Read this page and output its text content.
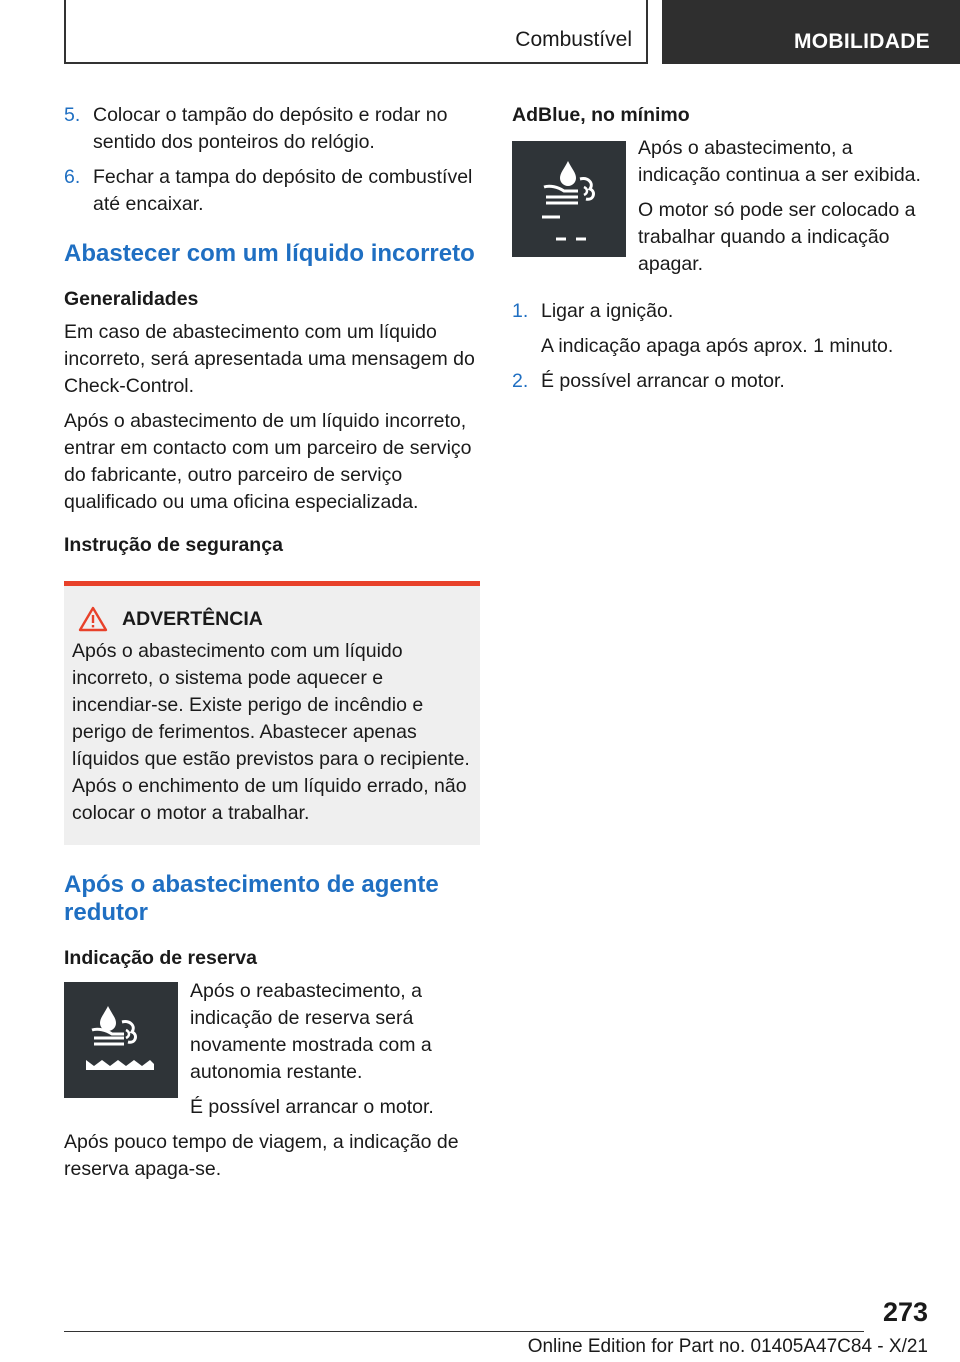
Combustível	MOBILIDADE
5. Colocar o tampão do depósito e rodar no sentido dos ponteiros do relógio.
6. Fechar a tampa do depósito de combustível até encaixar.
Abastecer com um líquido incorreto
Generalidades

Em caso de abastecimento com um líquido incorreto, será apresentada uma mensagem do Check-Control.

Após o abastecimento de um líquido incorreto, entrar em contacto com um parceiro de serviço do fabricante, outro parceiro de serviço qualificado ou uma oficina especializada.

Instrução de segurança
ADVERTÊNCIA

Após o abastecimento com um líquido incorreto, o sistema pode aquecer e incendiar-se. Existe perigo de incêndio e perigo de ferimentos. Abastecer apenas líquidos que estão previstos para o recipiente. Após o enchimento de um líquido errado, não colocar o motor a trabalhar.

Após o abastecimento de agente redutor
Indicação de reserva

Após o reabastecimento, a indicação de reserva será novamente mostrada com a autonomia restante.

É possível arrancar o motor.

Após pouco tempo de viagem, a indicação de reserva apaga-se.

AdBlue, no mínimo

Após o abastecimento, a indicação continua a ser exibida.

O motor só pode ser colocado a trabalhar quando a indicação apagar.

1. Ligar a ignição.

A indicação apaga após aprox. 1 minuto.

2. É possível arrancar o motor.
273
Online Edition for Part no. 01405A47C84 - X/21
